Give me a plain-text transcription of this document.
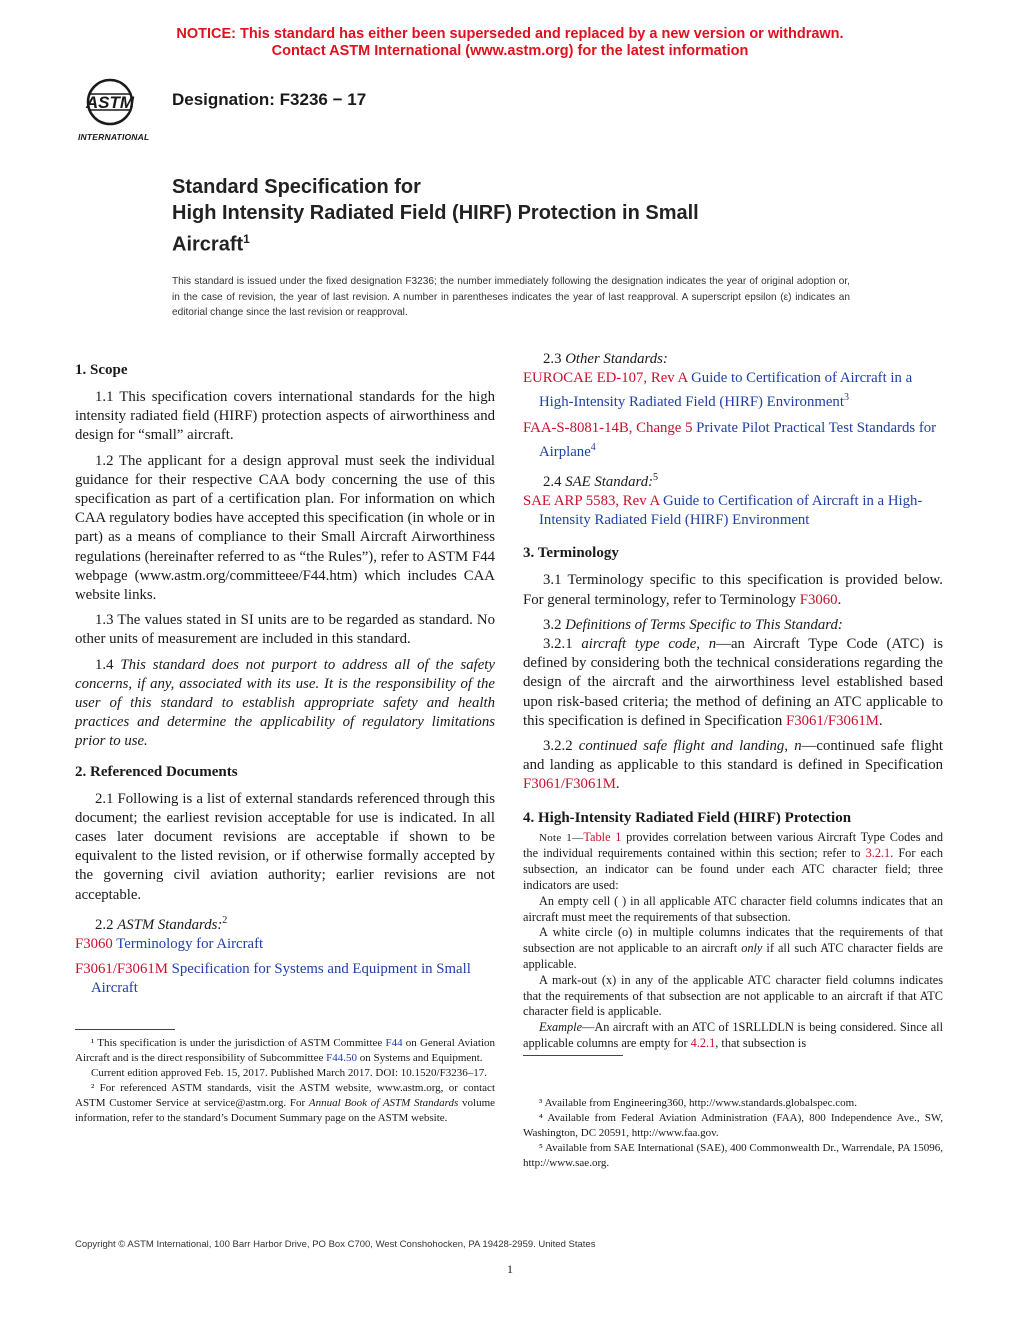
NOTICE: This standard has either been superseded and replaced by a new version or withdrawn.
Contact ASTM International (www.astm.org) for the latest information
ASTM
INTERNATIONAL
Designation: F3236 − 17
Standard Specification for
High Intensity Radiated Field (HIRF) Protection in Small
Aircraft$^1$
This standard is issued under the fixed designation F3236; the number immediately following the designation indicates the year of original adoption or, in the case of revision, the year of last revision. A number in parentheses indicates the year of last reapproval. A superscript epsilon (ε) indicates an editorial change since the last revision or reapproval.
1. Scope

1.1 This specification covers international standards for the high intensity radiated field (HIRF) protection aspects of airworthiness and design for “small” aircraft.

1.2 The applicant for a design approval must seek the individual guidance for their respective CAA body concerning the use of this specification as part of a certification plan. For information on which CAA regulatory bodies have accepted this specification (in whole or in part) as a means of compliance to their Small Aircraft Airworthiness regulations (hereinafter referred to as “the Rules”), refer to ASTM F44 webpage (www.astm.org/committeee/F44.htm) which includes CAA website links.

1.3 The values stated in SI units are to be regarded as standard. No other units of measurement are included in this standard.

1.4 This standard does not purport to address all of the safety concerns, if any, associated with its use. It is the responsibility of the user of this standard to establish appropriate safety and health practices and determine the applicability of regulatory limitations prior to use.

2. Referenced Documents

2.1 Following is a list of external standards referenced through this document; the earliest revision acceptable for use is indicated. In all cases later document revisions are acceptable if shown to be equivalent to the listed revision, or if otherwise formally accepted by the governing civil aviation authority; earlier revisions are not acceptable.

2.2 ASTM Standards:$^2$

F3060 Terminology for Aircraft

F3061/F3061M Specification for Systems and Equipment in Small Aircraft

2.3 Other Standards:

EUROCAE ED-107, Rev A Guide to Certification of Aircraft in a High-Intensity Radiated Field (HIRF) Environment$^3$

FAA-S-8081-14B, Change 5 Private Pilot Practical Test Standards for Airplane$^4$

2.4 SAE Standard:$^5$

SAE ARP 5583, Rev A Guide to Certification of Aircraft in a High-Intensity Radiated Field (HIRF) Environment

3. Terminology

3.1 Terminology specific to this specification is provided below. For general terminology, refer to Terminology F3060.

3.2 Definitions of Terms Specific to This Standard:

3.2.1 aircraft type code, n—an Aircraft Type Code (ATC) is defined by considering both the technical considerations regarding the design of the aircraft and the airworthiness level established based upon risk-based criteria; the method of defining an ATC applicable to this specification is defined in Specification F3061/F3061M.

3.2.2 continued safe flight and landing, n—continued safe flight and landing as applicable to this standard is defined in Specification F3061/F3061M.

4. High-Intensity Radiated Field (HIRF) Protection

Note 1—Table 1 provides correlation between various Aircraft Type Codes and the individual requirements contained within this section; refer to 3.2.1. For each subsection, an indicator can be found under each ATC character field; three indicators are used:

An empty cell ( ) in all applicable ATC character field columns indicates that an aircraft must meet the requirements of that subsection.

A white circle (o) in multiple columns indicates that the requirements of that subsection are not applicable to an aircraft only if all such ATC character fields are applicable.

A mark-out (x) in any of the applicable ATC character field columns indicates that the requirements of that subsection are not applicable to an aircraft if that ATC character field is applicable.

Example—An aircraft with an ATC of 1SRLLDLN is being considered. Since all applicable columns are empty for 4.2.1, that subsection is

¹ This specification is under the jurisdiction of ASTM Committee F44 on General Aviation Aircraft and is the direct responsibility of Subcommittee F44.50 on Systems and Equipment.

Current edition approved Feb. 15, 2017. Published March 2017. DOI: 10.1520/F3236–17.

² For referenced ASTM standards, visit the ASTM website, www.astm.org, or contact ASTM Customer Service at service@astm.org. For Annual Book of ASTM Standards volume information, refer to the standard’s Document Summary page on the ASTM website.

³ Available from Engineering360, http://www.standards.globalspec.com.

⁴ Available from Federal Aviation Administration (FAA), 800 Independence Ave., SW, Washington, DC 20591, http://www.faa.gov.

⁵ Available from SAE International (SAE), 400 Commonwealth Dr., Warrendale, PA 15096, http://www.sae.org.

Copyright © ASTM International, 100 Barr Harbor Drive, PO Box C700, West Conshohocken, PA 19428-2959. United States
1
